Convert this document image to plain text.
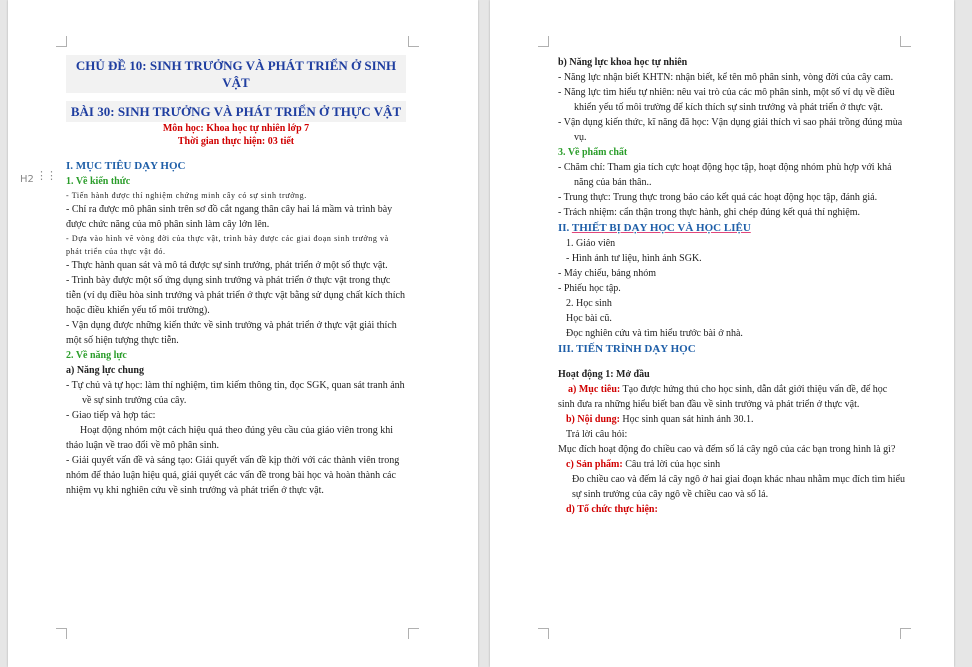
CHỦ ĐỀ 10: SINH TRƯỞNG VÀ PHÁT TRIỂN Ở SINH VẬT
BÀI 30: SINH TRƯỞNG VÀ PHÁT TRIỂN Ở THỰC VẬT

Môn học: Khoa học tự nhiên lớp 7

Thời gian thực hiện: 03 tiết

I. MỤC TIÊU DẠY HỌC

H2 ⋮⋮ 1. Về kiến thức

- Tiến hành được thí nghiệm chứng minh cây có sự sinh trưởng.

- Chỉ ra được mô phân sinh trên sơ đồ cắt ngang thân cây hai lá mầm và trình bày được chức năng của mô phân sinh làm cây lớn lên.

- Dựa vào hình vẽ vòng đời của thực vật, trình bày được các giai đoạn sinh trưởng và phát triển của thực vật đó.

- Thực hành quan sát và mô tả được sự sinh trưởng, phát triển ở một số thực vật.

- Trình bày được một số ứng dụng sinh trưởng và phát triển ở thực vật trong thực tiễn (ví dụ điều hòa sinh trưởng và phát triển ở thực vật bằng sử dụng chất kích thích hoặc điều khiển yếu tố môi trường).

- Vận dụng được những kiến thức về sinh trưởng và phát triển ở thực vật giải thích một số hiện tượng thực tiễn.

2. Về năng lực

a) Năng lực chung

- Tự chủ và tự học: làm thí nghiệm, tìm kiếm thông tin, đọc SGK, quan sát tranh ảnh về sự sinh trưởng của cây.

- Giao tiếp và hợp tác:

Hoạt động nhóm một cách hiệu quả theo đúng yêu cầu của giáo viên trong khi thảo luận về trao đổi về mô phân sinh.

- Giải quyết vấn đề và sáng tạo: Giải quyết vấn đề kịp thời với các thành viên trong nhóm để thảo luận hiệu quả, giải quyết các vấn đề trong bài học và hoàn thành các nhiệm vụ khi nghiên cứu về sinh trưởng và phát triển ở thực vật.

b) Năng lực khoa học tự nhiên

- Năng lực nhận biết KHTN: nhận biết, kể tên mô phân sinh, vòng đời của cây cam.

- Năng lực tìm hiểu tự nhiên: nêu vai trò của các mô phân sinh, một số ví dụ về điều khiển yếu tố môi trường để kích thích sự sinh trưởng và phát triển ở thực vật.

- Vận dụng kiến thức, kĩ năng đã học: Vận dụng giải thích vì sao phải trồng đúng mùa vụ.

3. Về phẩm chất

- Chăm chỉ: Tham gia tích cực hoạt động học tập, hoạt động nhóm phù hợp với khả năng của bản thân..

- Trung thực: Trung thực trong báo cáo kết quả các hoạt động học tập, đánh giá.

- Trách nhiệm: cẩn thận trong thực hành, ghi chép đúng kết quả thí nghiệm.

II. THIẾT BỊ DẠY HỌC VÀ HỌC LIỆU

1. Giáo viên

- Hình ảnh tư liệu, hình ảnh SGK.

- Máy chiếu, bảng nhóm

- Phiếu học tập.

2. Học sinh

Học bài cũ.

Đọc nghiên cứu và tìm hiểu trước bài ở nhà.

III. TIẾN TRÌNH DẠY HỌC

Hoạt động 1: Mở đầu

a) Mục tiêu: Tạo được hứng thú cho học sinh, dẫn dắt giới thiệu vấn đề, để học sinh đưa ra những hiểu biết ban đầu về sinh trưởng và phát triển ở thực vật.

b) Nội dung: Học sinh quan sát hình ảnh 30.1.

Trả lời câu hỏi:

Mục đích hoạt động đo chiều cao và đếm số lá cây ngô của các bạn trong hình là gì?

c) Sản phẩm: Câu trả lời của học sinh

Đo chiều cao và đếm lá cây ngô ở hai giai đoạn khác nhau nhằm mục đích tìm hiểu sự sinh trưởng của cây ngô về chiều cao và số lá.

d) Tổ chức thực hiện:
